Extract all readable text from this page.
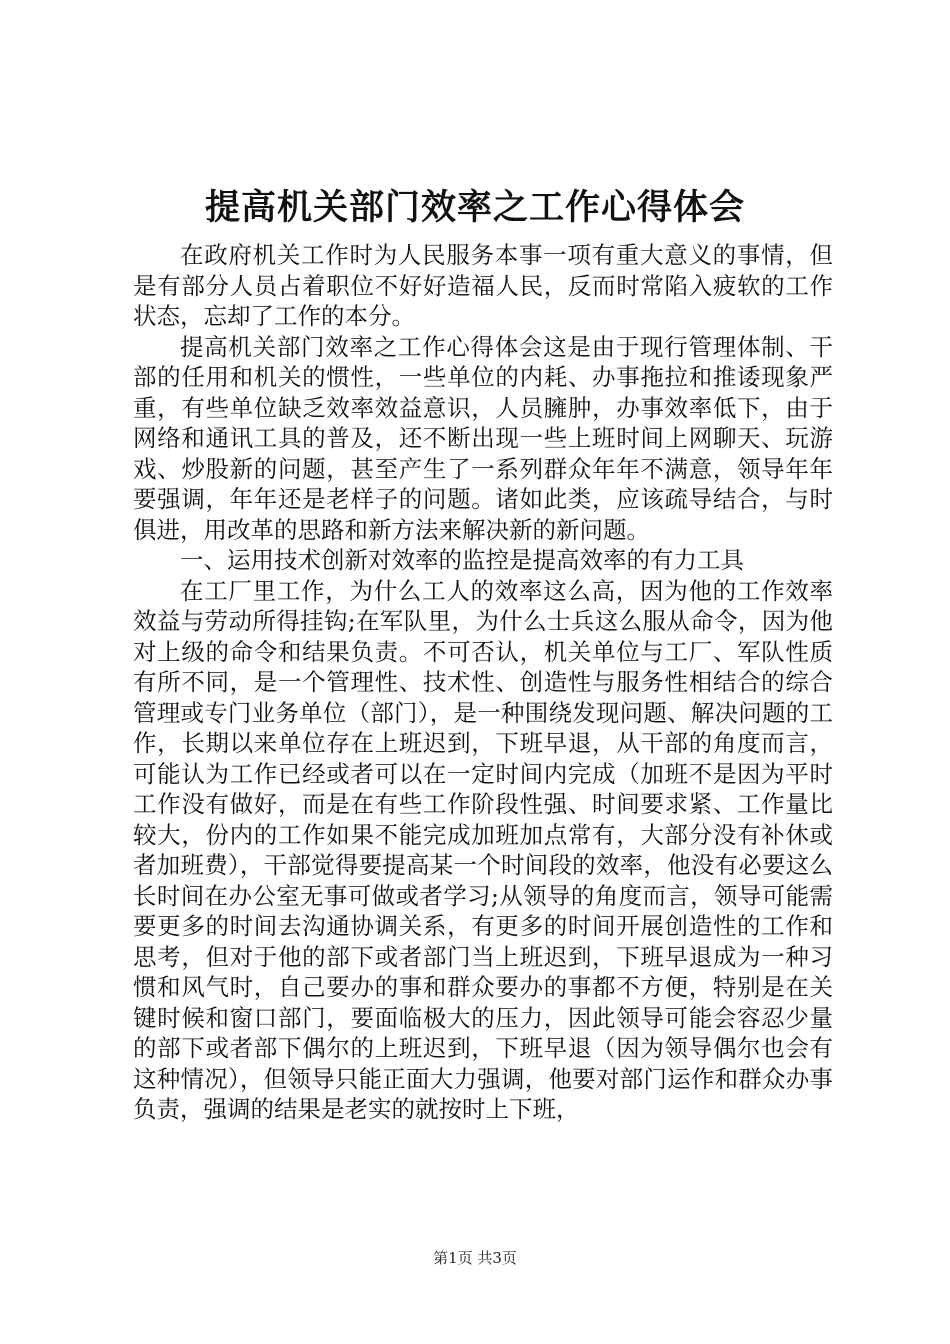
提高机关部门效率之工作心得体会

在政府机关工作时为人民服务本事一项有重大意义的事情，但是有部分人员占着职位不好好造福人民，反而时常陷入疲软的工作状态，忘却了工作的本分。

提高机关部门效率之工作心得体会这是由于现行管理体制、干部的任用和机关的惯性，一些单位的内耗、办事拖拉和推诿现象严重，有些单位缺乏效率效益意识，人员臃肿，办事效率低下，由于网络和通讯工具的普及，还不断出现一些上班时间上网聊天、玩游戏、炒股新的问题，甚至产生了一系列群众年年不满意，领导年年要强调，年年还是老样子的问题。诸如此类，应该疏导结合，与时俱进，用改革的思路和新方法来解决新的新问题。

一、运用技术创新对效率的监控是提高效率的有力工具

在工厂里工作，为什么工人的效率这么高，因为他的工作效率效益与劳动所得挂钩;在军队里，为什么士兵这么服从命令，因为他对上级的命令和结果负责。不可否认，机关单位与工厂、军队性质有所不同，是一个管理性、技术性、创造性与服务性相结合的综合管理或专门业务单位（部门），是一种围绕发现问题、解决问题的工作，长期以来单位存在上班迟到，下班早退，从干部的角度而言，可能认为工作已经或者可以在一定时间内完成（加班不是因为平时工作没有做好，而是在有些工作阶段性强、时间要求紧、工作量比较大，份内的工作如果不能完成加班加点常有，大部分没有补休或者加班费），干部觉得要提高某一个时间段的效率，他没有必要这么长时间在办公室无事可做或者学习;从领导的角度而言，领导可能需要更多的时间去沟通协调关系，有更多的时间开展创造性的工作和思考，但对于他的部下或者部门当上班迟到，下班早退成为一种习惯和风气时，自己要办的事和群众要办的事都不方便，特别是在关键时候和窗口部门，要面临极大的压力，因此领导可能会容忍少量的部下或者部下偶尔的上班迟到，下班早退（因为领导偶尔也会有这种情况），但领导只能正面大力强调，他要对部门运作和群众办事负责，强调的结果是老实的就按时上下班，

第1页 共3页
